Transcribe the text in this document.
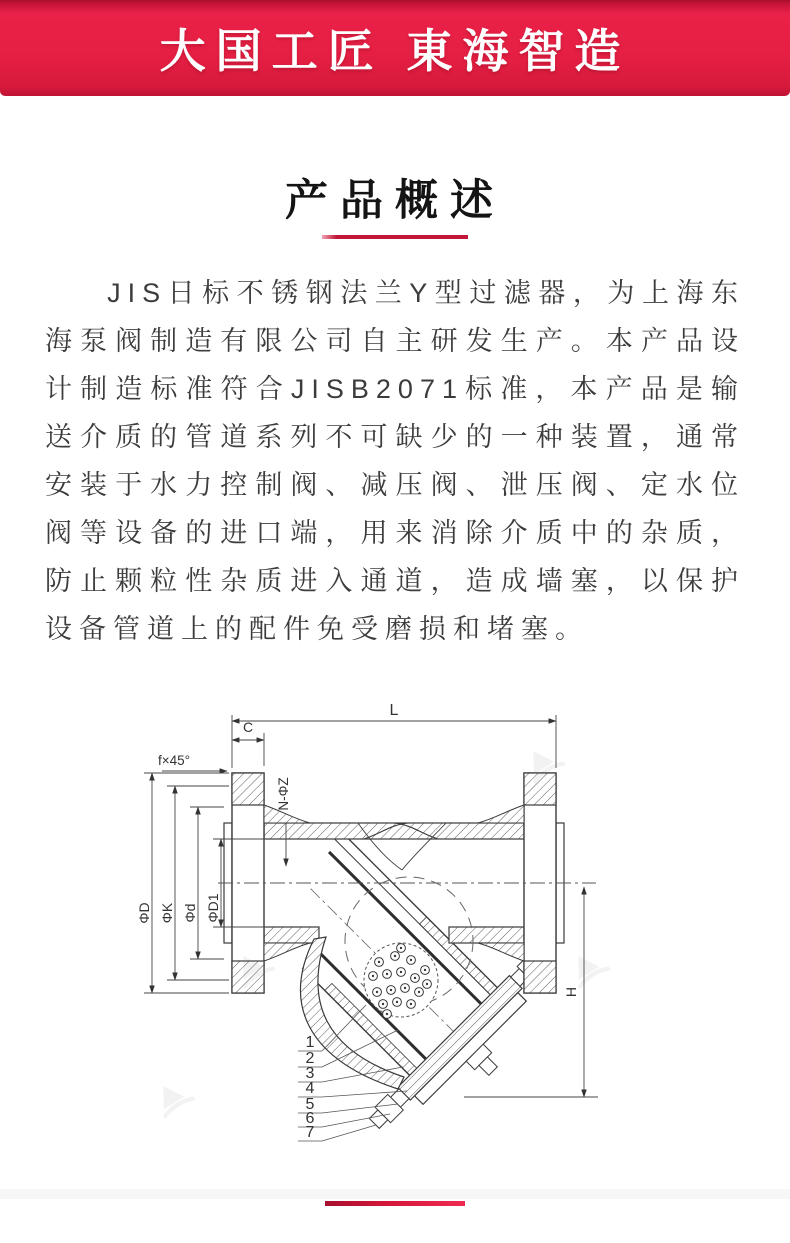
大国工匠 東海智造
产品概述

JIS日标不锈钢法兰Y型过滤器，为上海东海泵阀制造有限公司自主研发生产。本产品设计制造标准符合JISB2071标准，本产品是输送介质的管道系列不可缺少的一种装置，通常安装于水力控制阀、减压阀、泄压阀、定水位阀等设备的进口端，用来消除介质中的杂质，防止颗粒性杂质进入通道，造成墙塞，以保护设备管道上的配件免受磨损和堵塞。

L
C
f×45°
N-ΦZ
ΦD ΦK Φd ΦD1
H
1
2
3
4
5
6
7
